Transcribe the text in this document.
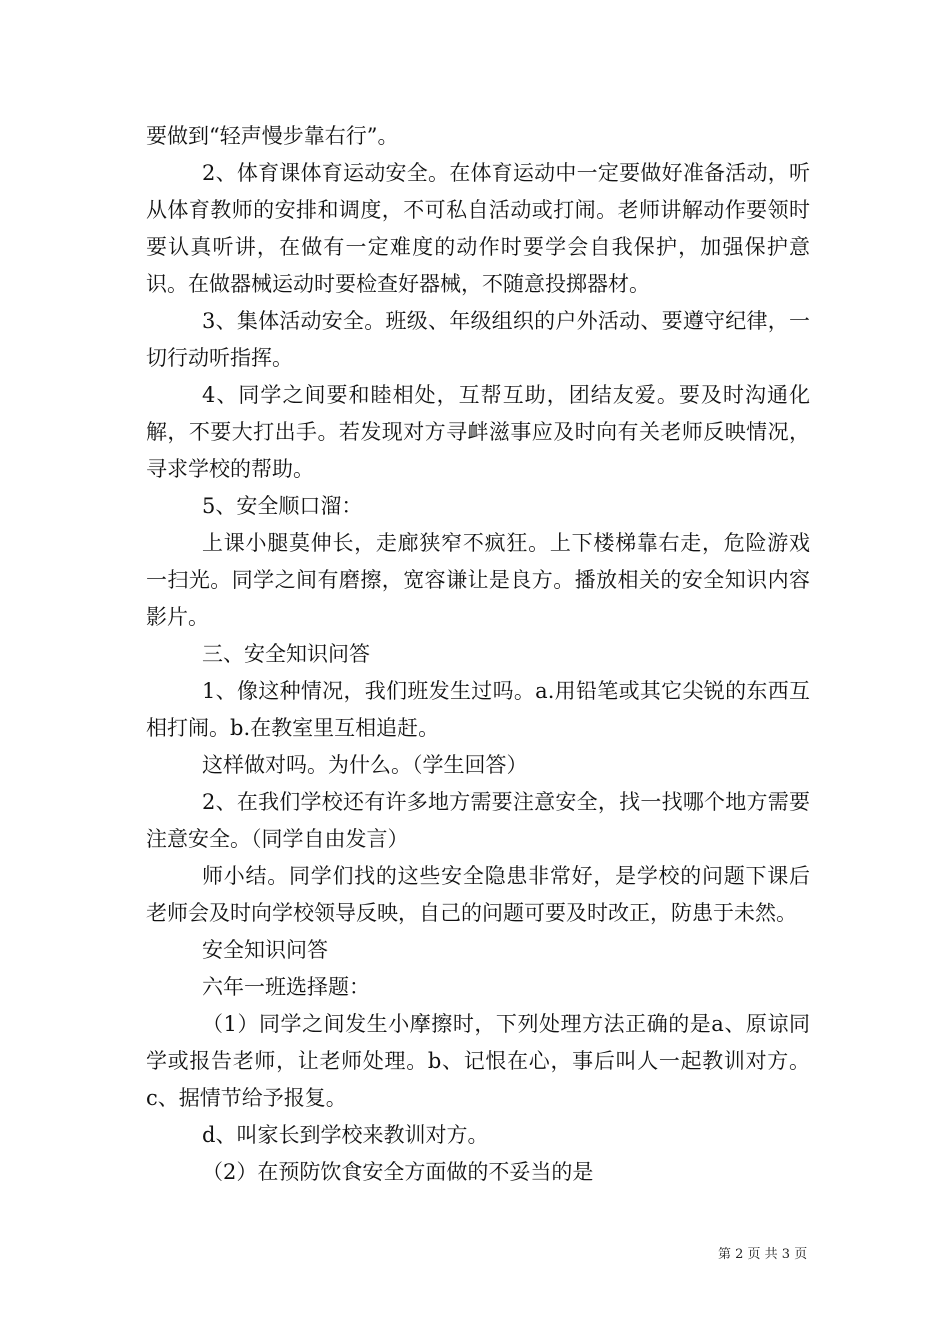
要做到“轻声慢步靠右行”。

2、体育课体育运动安全。在体育运动中一定要做好准备活动，听从体育教师的安排和调度，不可私自活动或打闹。老师讲解动作要领时要认真听讲，在做有一定难度的动作时要学会自我保护，加强保护意识。在做器械运动时要检查好器械，不随意投掷器材。

3、集体活动安全。班级、年级组织的户外活动、要遵守纪律，一切行动听指挥。

4、同学之间要和睦相处，互帮互助，团结友爱。要及时沟通化解，不要大打出手。若发现对方寻衅滋事应及时向有关老师反映情况，寻求学校的帮助。

5、安全顺口溜：

上课小腿莫伸长，走廊狭窄不疯狂。上下楼梯靠右走，危险游戏一扫光。同学之间有磨擦，宽容谦让是良方。播放相关的安全知识内容影片。

三、安全知识问答

1、像这种情况，我们班发生过吗。a.用铅笔或其它尖锐的东西互相打闹。b.在教室里互相追赶。

这样做对吗。为什么。（学生回答）

2、在我们学校还有许多地方需要注意安全，找一找哪个地方需要注意安全。（同学自由发言）

师小结。同学们找的这些安全隐患非常好，是学校的问题下课后老师会及时向学校领导反映，自己的问题可要及时改正，防患于未然。

安全知识问答

六年一班选择题：

（1）同学之间发生小摩擦时，下列处理方法正确的是a、原谅同学或报告老师，让老师处理。b、记恨在心，事后叫人一起教训对方。c、据情节给予报复。

d、叫家长到学校来教训对方。

（2）在预防饮食安全方面做的不妥当的是

第 2 页 共 3 页
